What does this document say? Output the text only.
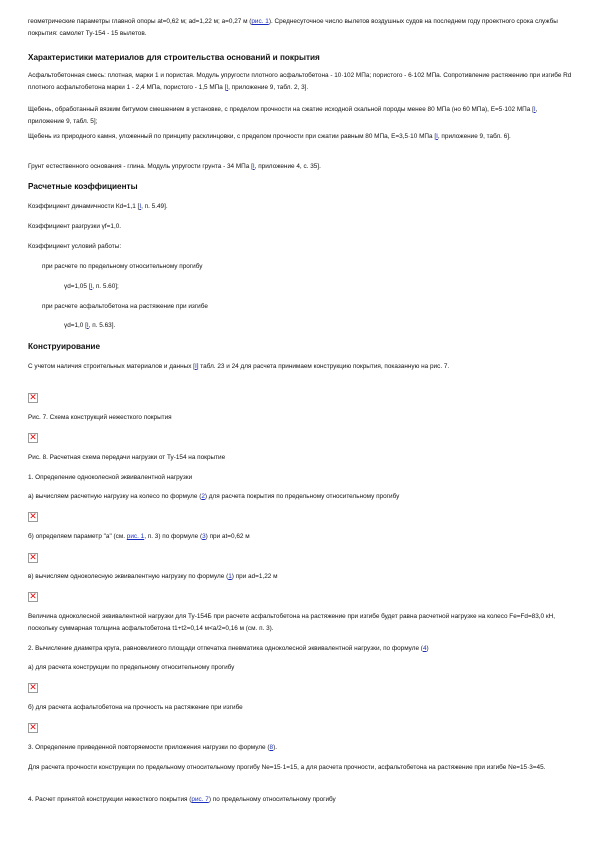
геометрические параметры главной опоры аt=0,62 м; аd=1,22 м; а=0,27 м (рис. 1). Среднесуточное число вылетов воздушных судов на последнем году проектного срока службы покрытия: самолет Ту-154 - 15 вылетов.

Характеристики материалов для строительства оснований и покрытия

Асфальтобетонная смесь: плотная, марки 1 и пористая. Модуль упругости плотного асфальтобетона - 10·102 МПа; пористого - 6·102 МПа. Сопротивление растяжению при изгибе Rd плотного асфальтобетона марки 1 - 2,4 МПа, пористого - 1,5 МПа [I, приложение 9, табл. 2, 3].

Щебень, обработанный вязким битумом смешением в установке, с пределом прочности на сжатие исходной скальной породы менее 80 МПа (но 60 МПа), Е=5·102 МПа [I, приложение 9, табл. 5];

Щебень из природного камня, уложенный по принципу расклинцовки, с пределом прочности при сжатии равным 80 МПа, Е=3,5·10 МПа [I, приложение 9, табл. 6].

Грунт естественного основания - глина. Модуль упругости грунта - 34 МПа [I, приложение 4, с. 35].

Расчетные коэффициенты

Коэффициент динамичности Кd=1,1 [I, п. 5.49].

Коэффициент разгрузки γf=1,0.

Коэффициент условий работы:

при расчете по предельному относительному прогибу

γd=1,05 [I, п. 5.60];

при расчете асфальтобетона на растяжение при изгибе

γd=1,0 [I, п. 5.63].

Конструирование

С учетом наличия строительных материалов и данных [I] табл. 23 и 24 для расчета принимаем конструкцию покрытия, показанную на рис. 7.

✕

Рис. 7. Схема конструкций нежесткого покрытия

✕

Рис. 8. Расчетная схема передачи нагрузки от Ту-154 на покрытие

1. Определение одноколесной эквивалентной нагрузки

а) вычисляем расчетную нагрузку на колесо по формуле (2) для расчета покрытия по предельному относительному прогибу

✕

б) определяем параметр "а" (см. рис. 1, п. 3) по формуле (3) при аt=0,62 м

✕

в) вычисляем одноколесную эквивалентную нагрузку по формуле (1) при аd=1,22 м

✕

Величина одноколесной эквивалентной нагрузки для Ту-154Б при расчете асфальтобетона на растяжение при изгибе будет равна расчетной нагрузке на колесо Fе=Fd=83,0 кН, поскольку суммарная толщина асфальтобетона t1+t2=0,14 м<а/2=0,16 м (см. п. 3).

2. Вычисление диаметра круга, равновеликого площади отпечатка пневматика одноколесной эквивалентной нагрузки, по формуле (4)

а) для расчета конструкции по предельному относительному прогибу

✕

б) для расчета асфальтобетона на прочность на растяжение при изгибе

✕

3. Определение приведенной повторяемости приложения нагрузки по формуле (8).

Для расчета прочности конструкции по предельному относительному прогибу Nе=15·1=15, а для расчета прочности, асфальтобетона на растяжение при изгибе Nе=15·3=45.

4. Расчет принятой конструкции нежесткого покрытия (рис. 7) по предельному относительному прогибу
